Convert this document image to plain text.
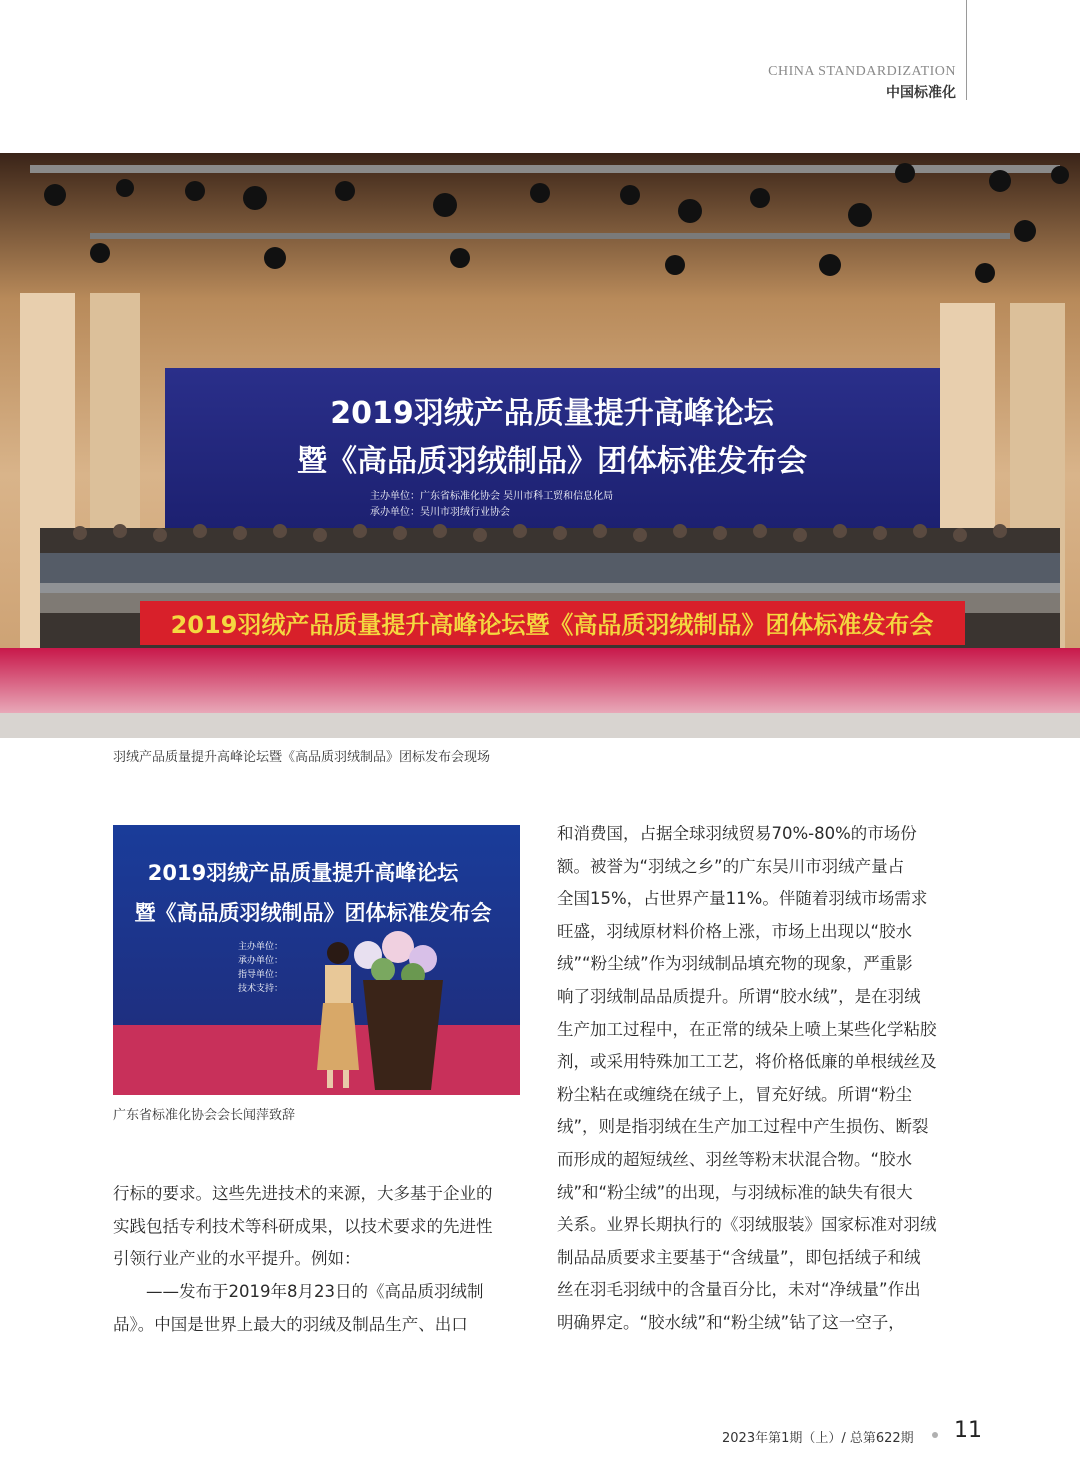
CHINA STANDARDIZATION
中国标准化
2019羽绒产品质量提升高峰论坛
暨《高品质羽绒制品》团体标准发布会
主办单位：广东省标准化协会 吴川市科工贸和信息化局
承办单位：吴川市羽绒行业协会
2019羽绒产品质量提升高峰论坛暨《高品质羽绒制品》团体标准发布会
羽绒产品质量提升高峰论坛暨《高品质羽绒制品》团标发布会现场
2019羽绒产品质量提升高峰论坛
暨《高品质羽绒制品》团体标准发布会
主办单位：
承办单位：
指导单位：
技术支持：
广东省标准化协会会长闻萍致辞
行标的要求。这些先进技术的来源，大多基于企业的
实践包括专利技术等科研成果，以技术要求的先进性
引领行业产业的水平提升。例如：
——发布于2019年8月23日的《高品质羽绒制
品》。中国是世界上最大的羽绒及制品生产、出口
和消费国，占据全球羽绒贸易70%-80%的市场份
额。被誉为“羽绒之乡”的广东吴川市羽绒产量占
全国15%，占世界产量11%。伴随着羽绒市场需求
旺盛，羽绒原材料价格上涨，市场上出现以“胶水
绒”“粉尘绒”作为羽绒制品填充物的现象，严重影
响了羽绒制品品质提升。所谓“胶水绒”，是在羽绒
生产加工过程中，在正常的绒朵上喷上某些化学粘胶
剂，或采用特殊加工工艺，将价格低廉的单根绒丝及
粉尘粘在或缠绕在绒子上，冒充好绒。所谓“粉尘
绒”，则是指羽绒在生产加工过程中产生损伤、断裂
而形成的超短绒丝、羽丝等粉末状混合物。“胶水
绒”和“粉尘绒”的出现，与羽绒标准的缺失有很大
关系。业界长期执行的《羽绒服装》国家标准对羽绒
制品品质要求主要基于“含绒量”，即包括绒子和绒
丝在羽毛羽绒中的含量百分比，未对“净绒量”作出
明确界定。“胶水绒”和“粉尘绒”钻了这一空子，
2023年第1期（上）/ 总第622期 11
